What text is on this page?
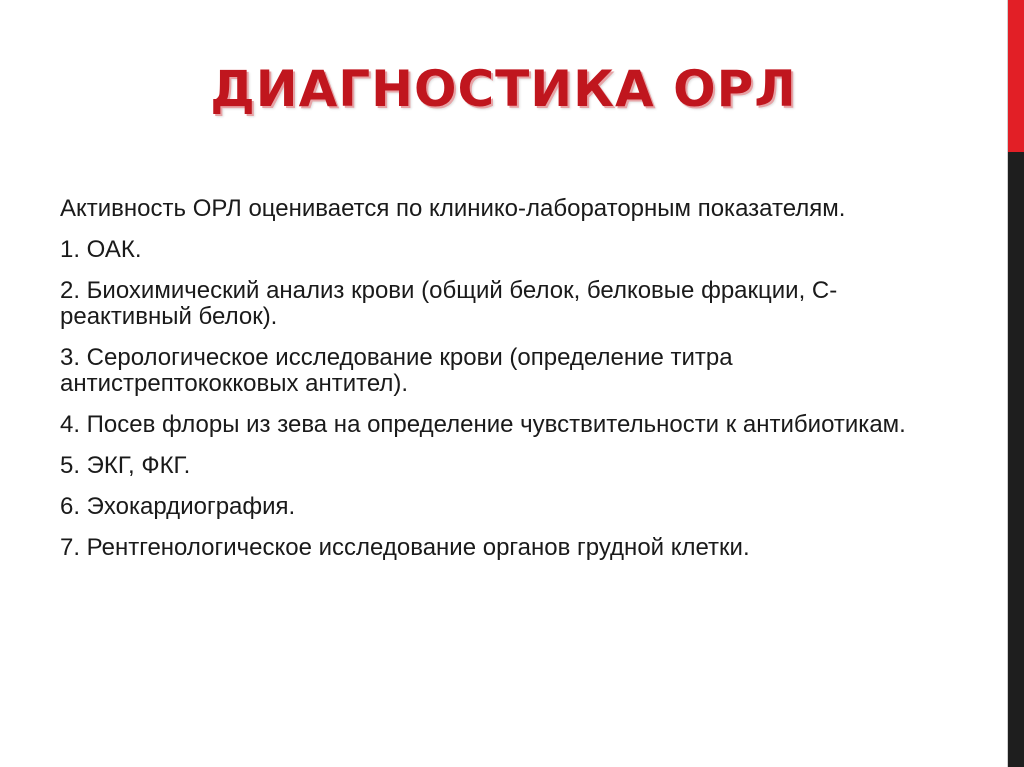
ДИАГНОСТИКА ОРЛ

Активность ОРЛ оценивается по клинико-лабораторным показателям.

1. ОАК.

2. Биохимический анализ крови (общий белок, белковые фракции, С-реактивный белок).

3. Серологическое исследование крови (определение титра антистрептококковых антител).

4. Посев флоры из зева на определение чувствительности к антибиотикам.

5. ЭКГ, ФКГ.

6. Эхокардиография.

7. Рентгенологическое исследование органов грудной клетки.
